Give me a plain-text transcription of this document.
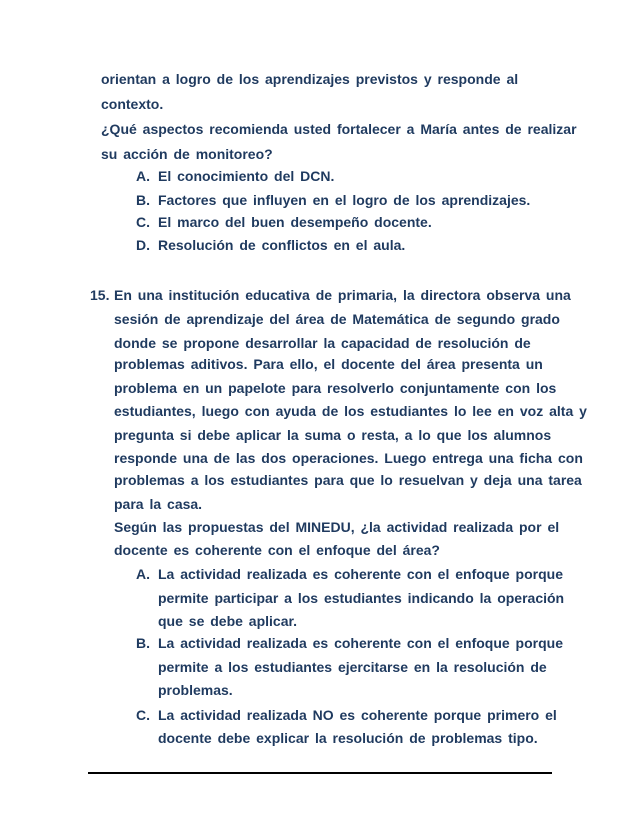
orientan a logro de los aprendizajes previstos y responde al
contexto.
¿Qué aspectos recomienda usted fortalecer a María antes de realizar
su acción de monitoreo?
A. El conocimiento del DCN.
B. Factores que influyen en el logro de los aprendizajes.
C. El marco del buen desempeño docente.
D. Resolución de conflictos en el aula.
15. En una institución educativa de primaria, la directora observa una
sesión de aprendizaje del área de Matemática de segundo grado
donde se propone desarrollar la capacidad de resolución de
problemas aditivos. Para ello, el docente del área presenta un
problema en un papelote para resolverlo conjuntamente con los
estudiantes, luego con ayuda de los estudiantes lo lee en voz alta y
pregunta si debe aplicar la suma o resta, a lo que los alumnos
responde una de las dos operaciones. Luego entrega una ficha con
problemas a los estudiantes para que lo resuelvan y deja una tarea
para la casa.
Según las propuestas del MINEDU, ¿la actividad realizada por el
docente es coherente con el enfoque del área?
A. La actividad realizada es coherente con el enfoque porque
permite participar a los estudiantes indicando la operación
que se debe aplicar.
B. La actividad realizada es coherente con el enfoque porque
permite a los estudiantes ejercitarse en la resolución de
problemas.
C. La actividad realizada NO es coherente porque primero el
docente debe explicar la resolución de problemas tipo.
